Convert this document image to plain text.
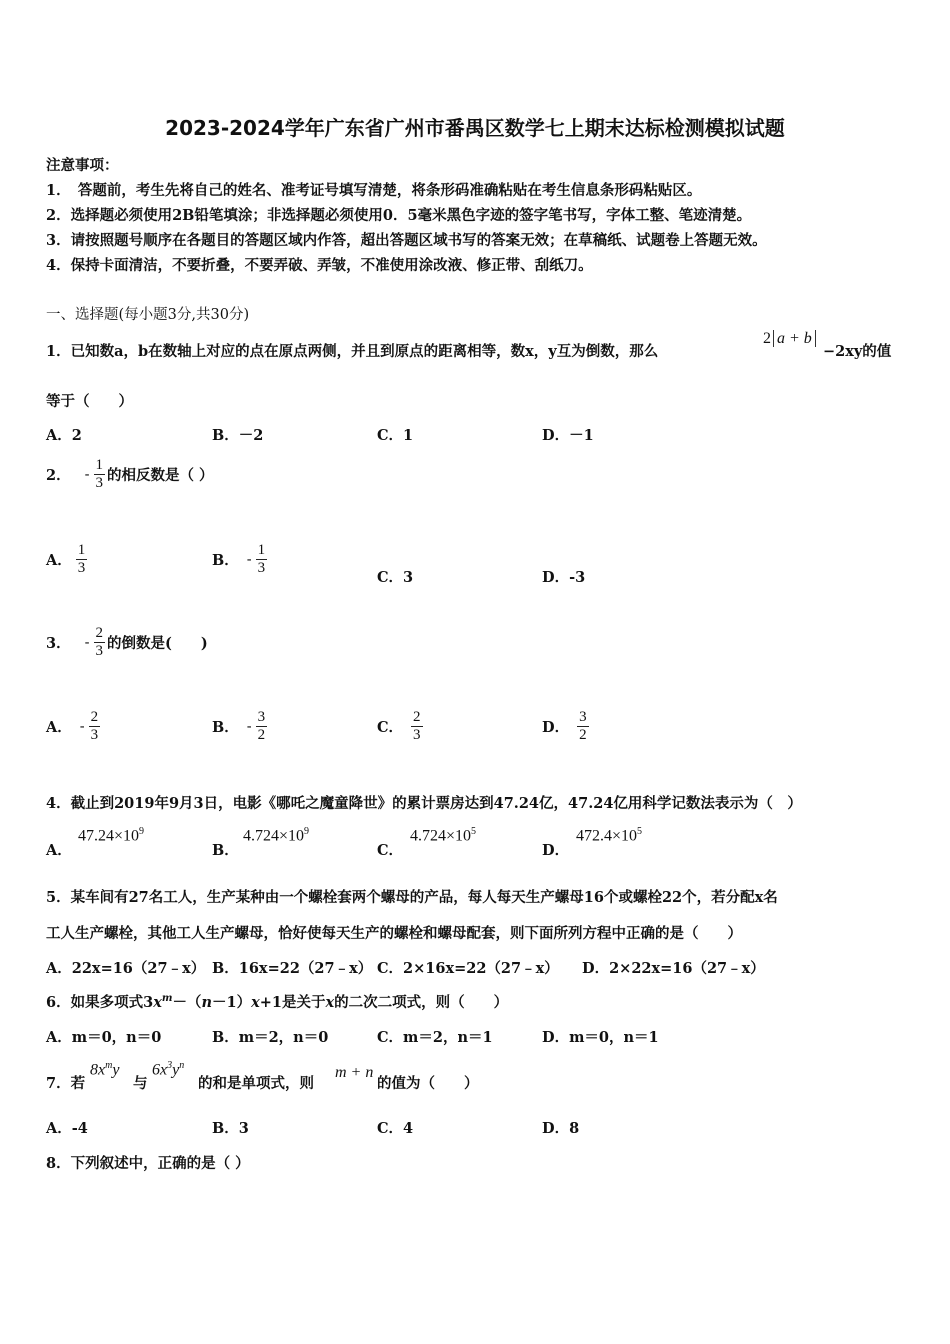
2023-2024学年广东省广州市番禺区数学七上期末达标检测模拟试题
注意事项：
1．　答题前，考生先将自己的姓名、准考证号填写清楚，将条形码准确粘贴在考生信息条形码粘贴区。
2．选择题必须使用2B铅笔填涂；非选择题必须使用0．5毫米黑色字迹的签字笔书写，字体工整、笔迹清楚。
3．请按照题号顺序在各题目的答题区域内作答，超出答题区域书写的答案无效；在草稿纸、试题卷上答题无效。
4．保持卡面清洁，不要折叠，不要弄破、弄皱，不准使用涂改液、修正带、刮纸刀。
一、选择题(每小题3分,共30分)
1．已知数a，b在数轴上对应的点在原点两侧，并且到原点的距离相等，数x，y互为倒数，那么
2 a + b
−2xy的值
等于（　　）
A．2	B．－2	C．1	D．－1
2． - $\frac{1}{3}$ 的相反数是（ ）
A． $\frac{1}{3}$	B． - $\frac{1}{3}$	C．3	D．-3
3． - $\frac{2}{3}$ 的倒数是(　　)
A． - $\frac{2}{3}$	B． - $\frac{3}{2}$	C． $\frac{2}{3}$	D． $\frac{3}{2}$
4．截止到2019年9月3日，电影《哪吒之魔童降世》的累计票房达到47.24亿，47.24亿用科学记数法表示为（　）
A．
$47.24\times 10^9$
B．
$4.724\times 10^9$
C．
$4.724\times 10^5$
D．
$472.4\times 10^5$
5．某车间有27名工人，生产某种由一个螺栓套两个螺母的产品，每人每天生产螺母16个或螺栓22个，若分配x名
工人生产螺栓，其他工人生产螺母，恰好使每天生产的螺栓和螺母配套，则下面所列方程中正确的是（　　）
A．22x=16（27﹣x） B．16x=22（27﹣x） C．2×16x=22（27﹣x） D．2×22x=16（27﹣x）
6．如果多项式$3x^m-(n-1)x+1$是关于x的二次二项式，则（　　）
A．m＝0，n＝0	B．m＝2，n＝0	C．m＝2，n＝1	D．m＝0，n＝1
7．若
$8x^my$
与
$6x^3y^n$
的和是单项式，则
m + n
的值为（　　）
A．-4	B．3	C．4	D．8
8．下列叙述中，正确的是（ ）
